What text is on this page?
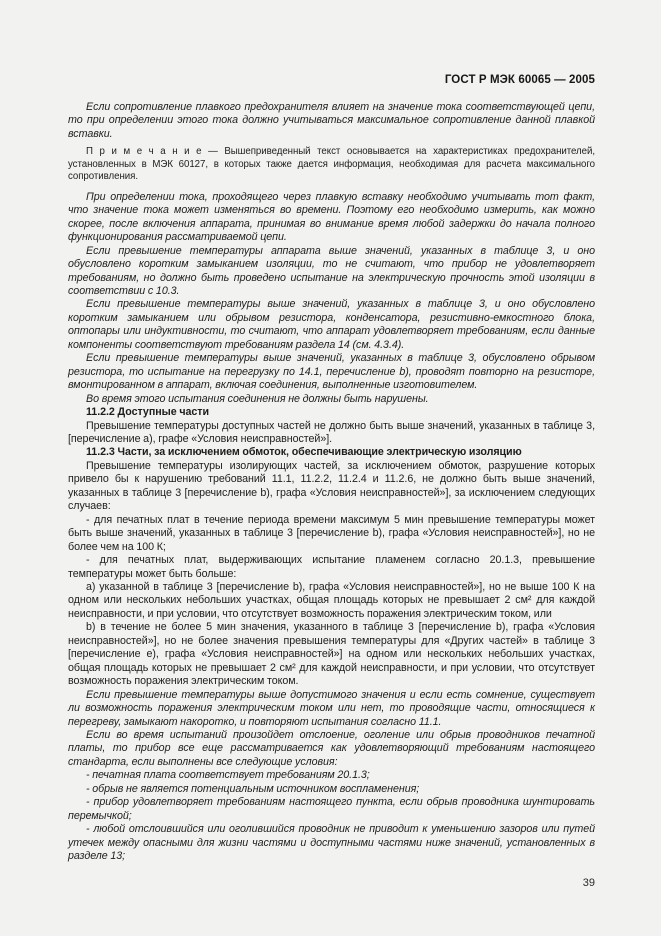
ГОСТ Р МЭК 60065 — 2005

Если сопротивление плавкого предохранителя влияет на значение тока соответствующей цепи, то при определении этого тока должно учитываться максимальное сопротивление данной плавкой вставки.

П р и м е ч а н и е — Вышеприведенный текст основывается на характеристиках предохранителей, установленных в МЭК 60127, в которых также дается информация, необходимая для расчета максимального сопротивления.

При определении тока, проходящего через плавкую вставку необходимо учитывать тот факт, что значение тока может изменяться во времени. Поэтому его необходимо измерить, как можно скорее, после включения аппарата, принимая во внимание время любой задержки до начала полного функционирования рассматриваемой цепи.

Если превышение температуры аппарата выше значений, указанных в таблице 3, и оно обусловлено коротким замыканием изоляции, то не считают, что прибор не удовлетворяет требованиям, но должно быть проведено испытание на электрическую прочность этой изоляции в соответствии с 10.3.

Если превышение температуры выше значений, указанных в таблице 3, и оно обусловлено коротким замыканием или обрывом резистора, конденсатора, резистивно-емкостного блока, оптопары или индуктивности, то считают, что аппарат удовлетворяет требованиям, если данные компоненты соответствуют требованиям раздела 14 (см. 4.3.4).

Если превышение температуры выше значений, указанных в таблице 3, обусловлено обрывом резистора, то испытание на перегрузку по 14.1, перечисление b), проводят повторно на резисторе, вмонтированном в аппарат, включая соединения, выполненные изготовителем.

Во время этого испытания соединения не должны быть нарушены.

11.2.2 Доступные части

Превышение температуры доступных частей не должно быть выше значений, указанных в таблице 3, [перечисление а), графе «Условия неисправностей»].

11.2.3 Части, за исключением обмоток, обеспечивающие электрическую изоляцию

Превышение температуры изолирующих частей, за исключением обмоток, разрушение которых привело бы к нарушению требований 11.1, 11.2.2, 11.2.4 и 11.2.6, не должно быть выше значений, указанных в таблице 3 [перечисление b), графа «Условия неисправностей»], за исключением следующих случаев:

- для печатных плат в течение периода времени максимум 5 мин превышение температуры может быть выше значений, указанных в таблице 3 [перечисление b), графа «Условия неисправностей»], но не более чем на 100 К;

- для печатных плат, выдерживающих испытание пламенем согласно 20.1.3, превышение температуры может быть больше:

а) указанной в таблице 3 [перечисление b), графа «Условия неисправностей»], но не выше 100 К на одном или нескольких небольших участках, общая площадь которых не превышает 2 см² для каждой неисправности, и при условии, что отсутствует возможность поражения электрическим током, или

b) в течение не более 5 мин значения, указанного в таблице 3 [перечисление b), графа «Условия неисправностей»], но не более значения превышения температуры для «Других частей» в таблице 3 [перечисление е), графа «Условия неисправностей»] на одном или нескольких небольших участках, общая площадь которых не превышает 2 см² для каждой неисправности, и при условии, что отсутствует возможность поражения электрическим током.

Если превышение температуры выше допустимого значения и если есть сомнение, существует ли возможность поражения электрическим током или нет, то проводящие части, относящиеся к перегреву, замыкают накоротко, и повторяют испытания согласно 11.1.

Если во время испытаний произойдет отслоение, оголение или обрыв проводников печатной платы, то прибор все еще рассматривается как удовлетворяющий требованиям настоящего стандарта, если выполнены все следующие условия:

- печатная плата соответствует требованиям 20.1.3;

- обрыв не является потенциальным источником воспламенения;

- прибор удовлетворяет требованиям настоящего пункта, если обрыв проводника шунтировать перемычкой;

- любой отслоившийся или оголившийся проводник не приводит к уменьшению зазоров или путей утечек между опасными для жизни частями и доступными частями ниже значений, установленных в разделе 13;

39
